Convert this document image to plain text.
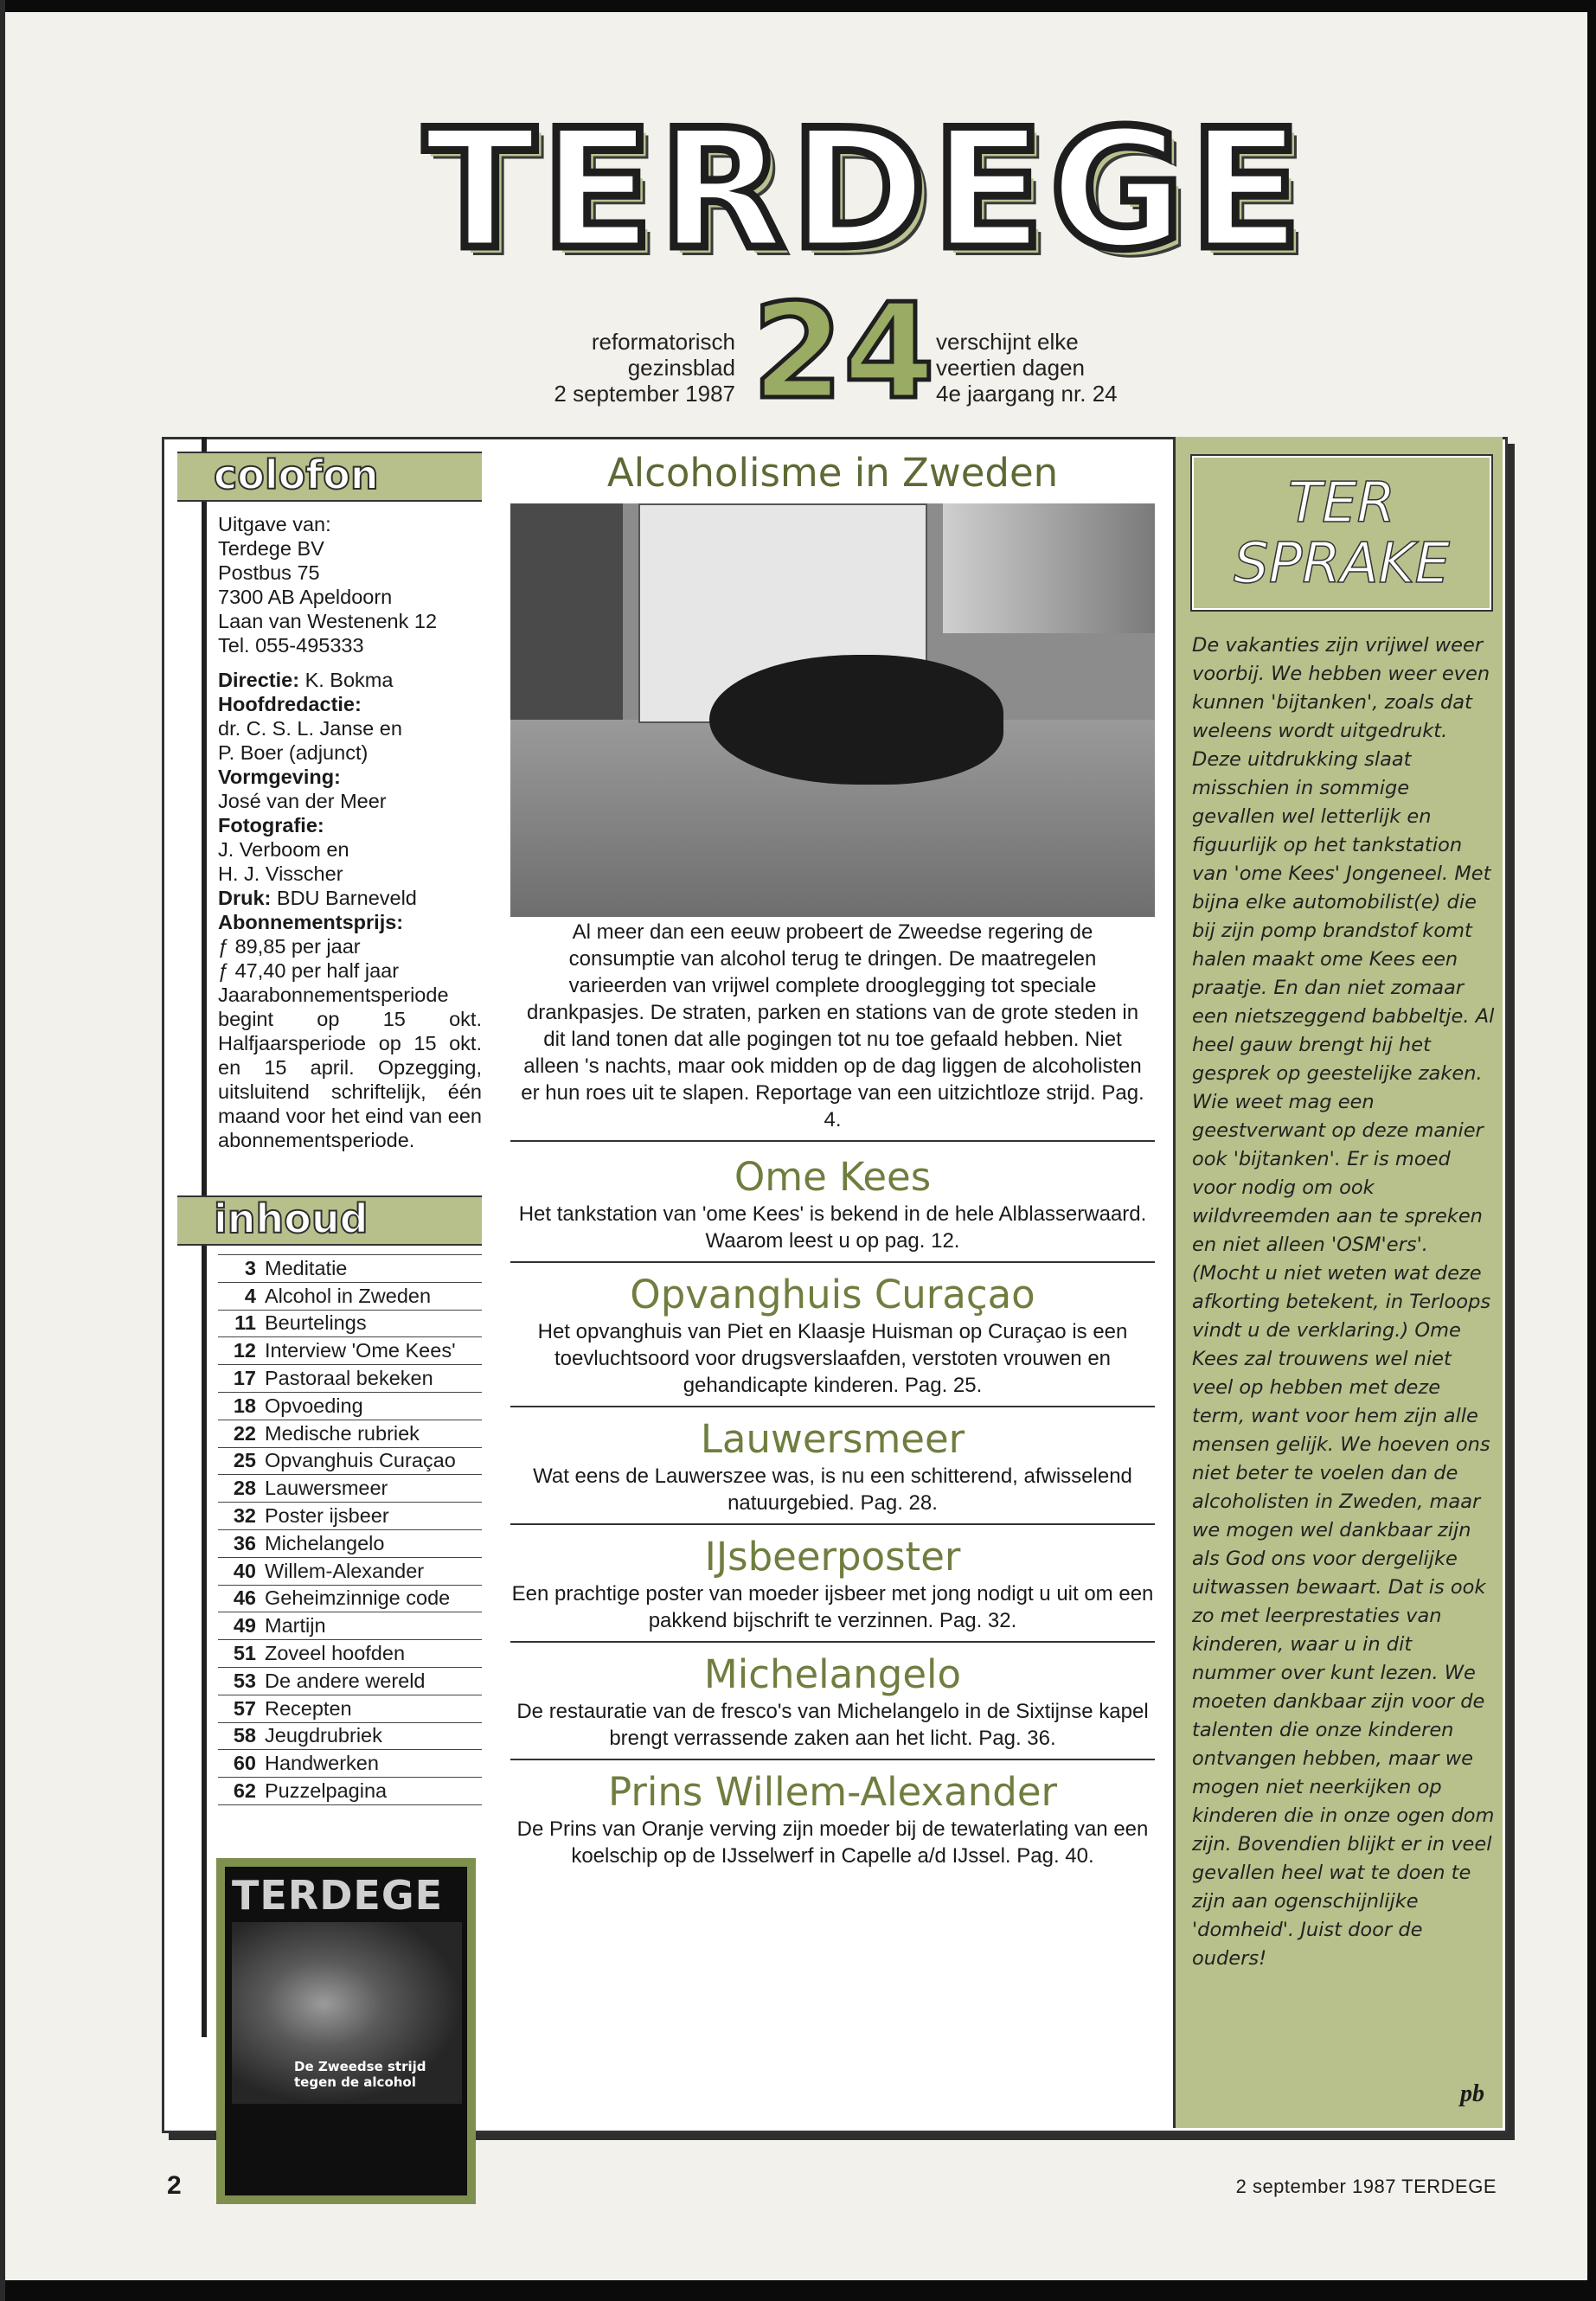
TERDEGE
24
reformatorisch
gezinsblad
2 september 1987
verschijnt elke
veertien dagen
4e jaargang nr. 24
colofon
Uitgave van:
Terdege BV
Postbus 75
7300 AB Apeldoorn
Laan van Westenenk 12
Tel. 055-495333
Directie: K. Bokma
Hoofdredactie:
dr. C. S. L. Janse en
P. Boer (adjunct)
Vormgeving:
José van der Meer
Fotografie:
J. Verboom en
H. J. Visscher
Druk: BDU Barneveld
Abonnementsprijs:
ƒ 89,85 per jaar
ƒ 47,40 per half jaar
Jaarabonnementsperiode begint op 15 okt. Halfjaarsperiode op 15 okt. en 15 april. Opzegging, uitsluitend schriftelijk, één maand voor het eind van een abonnementsperiode.
inhoud
3 Meditatie
4 Alcohol in Zweden
11 Beurtelings
12 Interview 'Ome Kees'
17 Pastoraal bekeken
18 Opvoeding
22 Medische rubriek
25 Opvanghuis Curaçao
28 Lauwersmeer
32 Poster ijsbeer
36 Michelangelo
40 Willem-Alexander
46 Geheimzinnige code
49 Martijn
51 Zoveel hoofden
53 De andere wereld
57 Recepten
58 Jeugdrubriek
60 Handwerken
62 Puzzelpagina
TERDEGE
De Zweedse strijd tegen de alcohol
Alcoholisme in Zweden
Al meer dan een eeuw probeert de Zweedse regering de consumptie van alcohol terug te dringen. De maatregelen varieerden van vrijwel complete drooglegging tot speciale drankpasjes. De straten, parken en stations van de grote steden in dit land tonen dat alle pogingen tot nu toe gefaald hebben. Niet alleen 's nachts, maar ook midden op de dag liggen de alcoholisten er hun roes uit te slapen. Reportage van een uitzichtloze strijd. Pag. 4.
Ome Kees
Het tankstation van 'ome Kees' is bekend in de hele Alblasserwaard. Waarom leest u op pag. 12.
Opvanghuis Curaçao
Het opvanghuis van Piet en Klaasje Huisman op Curaçao is een toevluchtsoord voor drugsverslaafden, verstoten vrouwen en gehandicapte kinderen. Pag. 25.
Lauwersmeer
Wat eens de Lauwerszee was, is nu een schitterend, afwisselend natuurgebied. Pag. 28.
IJsbeerposter
Een prachtige poster van moeder ijsbeer met jong nodigt u uit om een pakkend bijschrift te verzinnen. Pag. 32.
Michelangelo
De restauratie van de fresco's van Michelangelo in de Sixtijnse kapel brengt verrassende zaken aan het licht. Pag. 36.
Prins Willem-Alexander
De Prins van Oranje verving zijn moeder bij de tewaterlating van een koelschip op de IJsselwerf in Capelle a/d IJssel. Pag. 40.
TER
SPRAKE
De vakanties zijn vrijwel weer voorbij. We hebben weer even kunnen 'bijtanken', zoals dat weleens wordt uitgedrukt. Deze uitdrukking slaat misschien in sommige gevallen wel letterlijk en figuurlijk op het tankstation van 'ome Kees' Jongeneel. Met bijna elke automobilist(e) die bij zijn pomp brandstof komt halen maakt ome Kees een praatje. En dan niet zomaar een nietszeggend babbeltje. Al heel gauw brengt hij het gesprek op geestelijke zaken. Wie weet mag een geestverwant op deze manier ook 'bijtanken'. Er is moed voor nodig om ook wildvreemden aan te spreken en niet alleen 'OSM'ers'. (Mocht u niet weten wat deze afkorting betekent, in Terloops vindt u de verklaring.) Ome Kees zal trouwens wel niet veel op hebben met deze term, want voor hem zijn alle mensen gelijk. We hoeven ons niet beter te voelen dan de alcoholisten in Zweden, maar we mogen wel dankbaar zijn als God ons voor dergelijke uitwassen bewaart. Dat is ook zo met leerprestaties van kinderen, waar u in dit nummer over kunt lezen. We moeten dankbaar zijn voor de talenten die onze kinderen ontvangen hebben, maar we mogen niet neerkijken op kinderen die in onze ogen dom zijn. Bovendien blijkt er in veel gevallen heel wat te doen te zijn aan ogenschijnlijke 'domheid'. Juist door de ouders!
pb
2	2 september 1987 TERDEGE
